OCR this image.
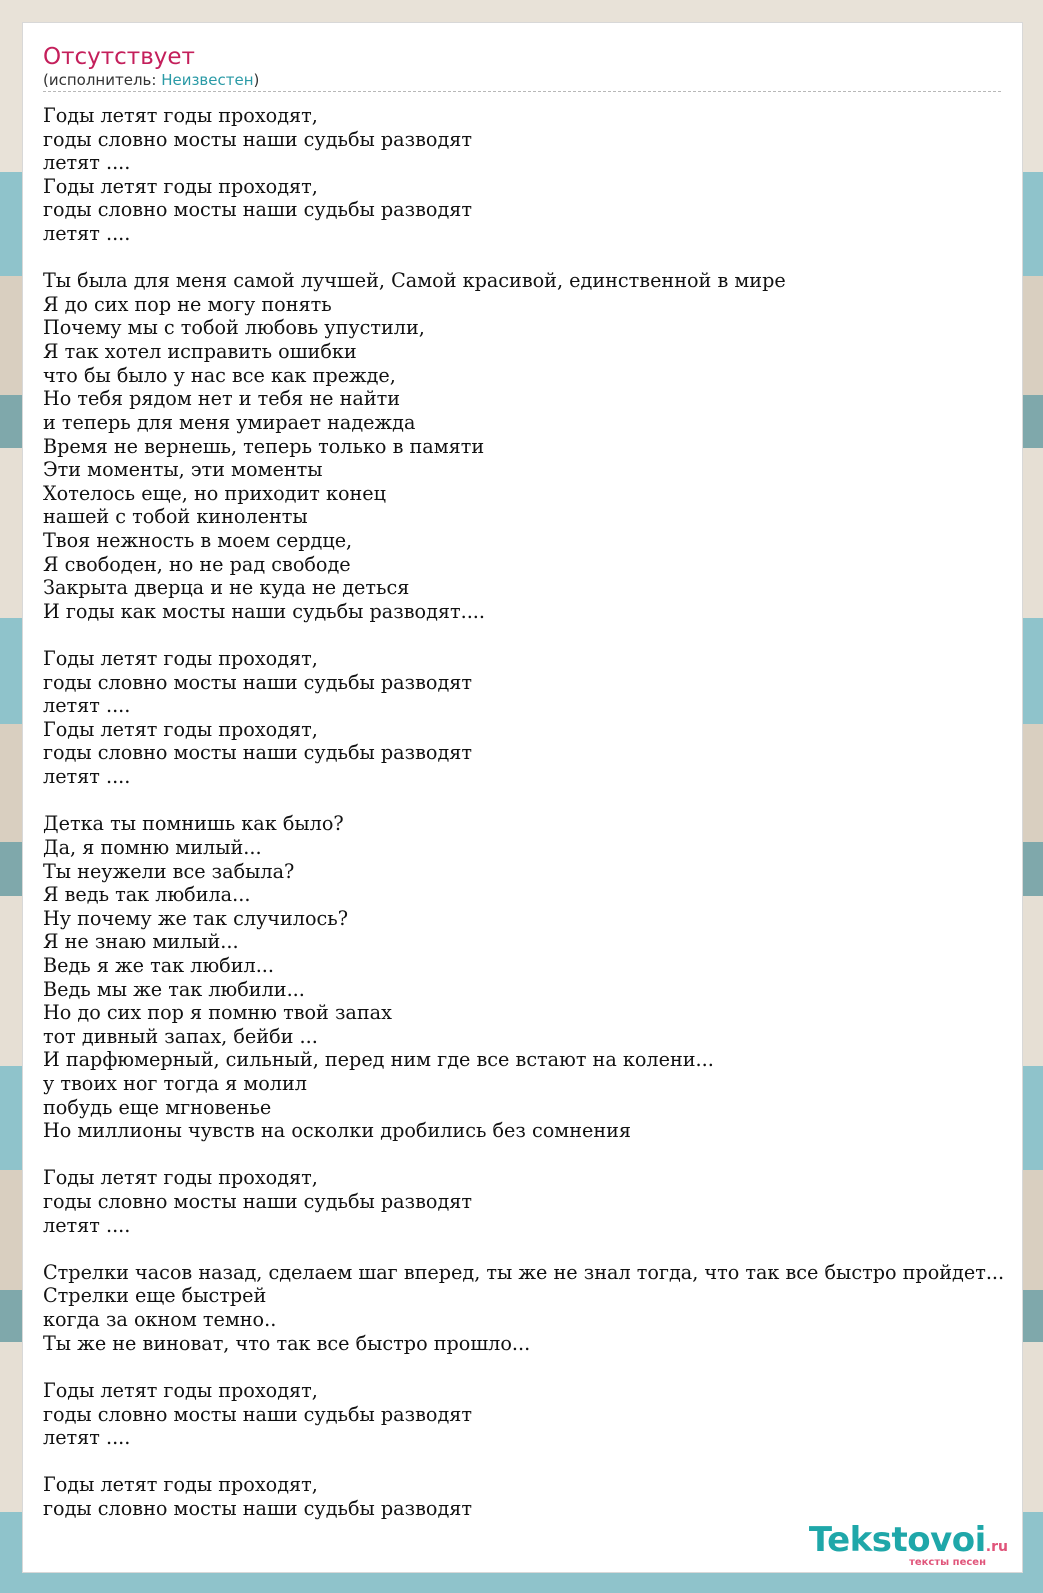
Отсутствует
(исполнитель: Неизвестен)
Годы летят годы проходят,
годы словно мосты наши судьбы разводят
летят ....
Годы летят годы проходят,
годы словно мосты наши судьбы разводят
летят ....
Ты была для меня самой лучшей, Самой красивой, единственной в мире
Я до сих пор не могу понять
Почему мы с тобой любовь упустили,
Я так хотел исправить ошибки
что бы было у нас все как прежде,
Но тебя рядом нет и тебя не найти
и теперь для меня умирает надежда
Время не вернешь, теперь только в памяти
Эти моменты, эти моменты
Хотелось еще, но приходит конец
нашей с тобой киноленты
Твоя нежность в моем сердце,
Я свободен, но не рад свободе
Закрыта дверца и не куда не деться
И годы как мосты наши судьбы разводят....
Годы летят годы проходят,
годы словно мосты наши судьбы разводят
летят ....
Годы летят годы проходят,
годы словно мосты наши судьбы разводят
летят ....
Детка ты помнишь как было?
Да, я помню милый...
Ты неужели все забыла?
Я ведь так любила...
Ну почему же так случилось?
Я не знаю милый...
Ведь я же так любил...
Ведь мы же так любили...
Но до сих пор я помню твой запах
тот дивный запах, бейби ...
И парфюмерный, сильный, перед ним где все встают на колени...
у твоих ног тогда я молил
побудь еще мгновенье
Но миллионы чувств на осколки дробились без сомнения
Годы летят годы проходят,
годы словно мосты наши судьбы разводят
летят ....
Стрелки часов назад, сделаем шаг вперед, ты же не знал тогда, что так все быстро пройдет...
Стрелки еще быстрей
когда за окном темно..
Ты же не виноват, что так все быстро прошло...
Годы летят годы проходят,
годы словно мосты наши судьбы разводят
летят ....
Годы летят годы проходят,
годы словно мосты наши судьбы разводят
Tekstovoi.ru
тексты песен
